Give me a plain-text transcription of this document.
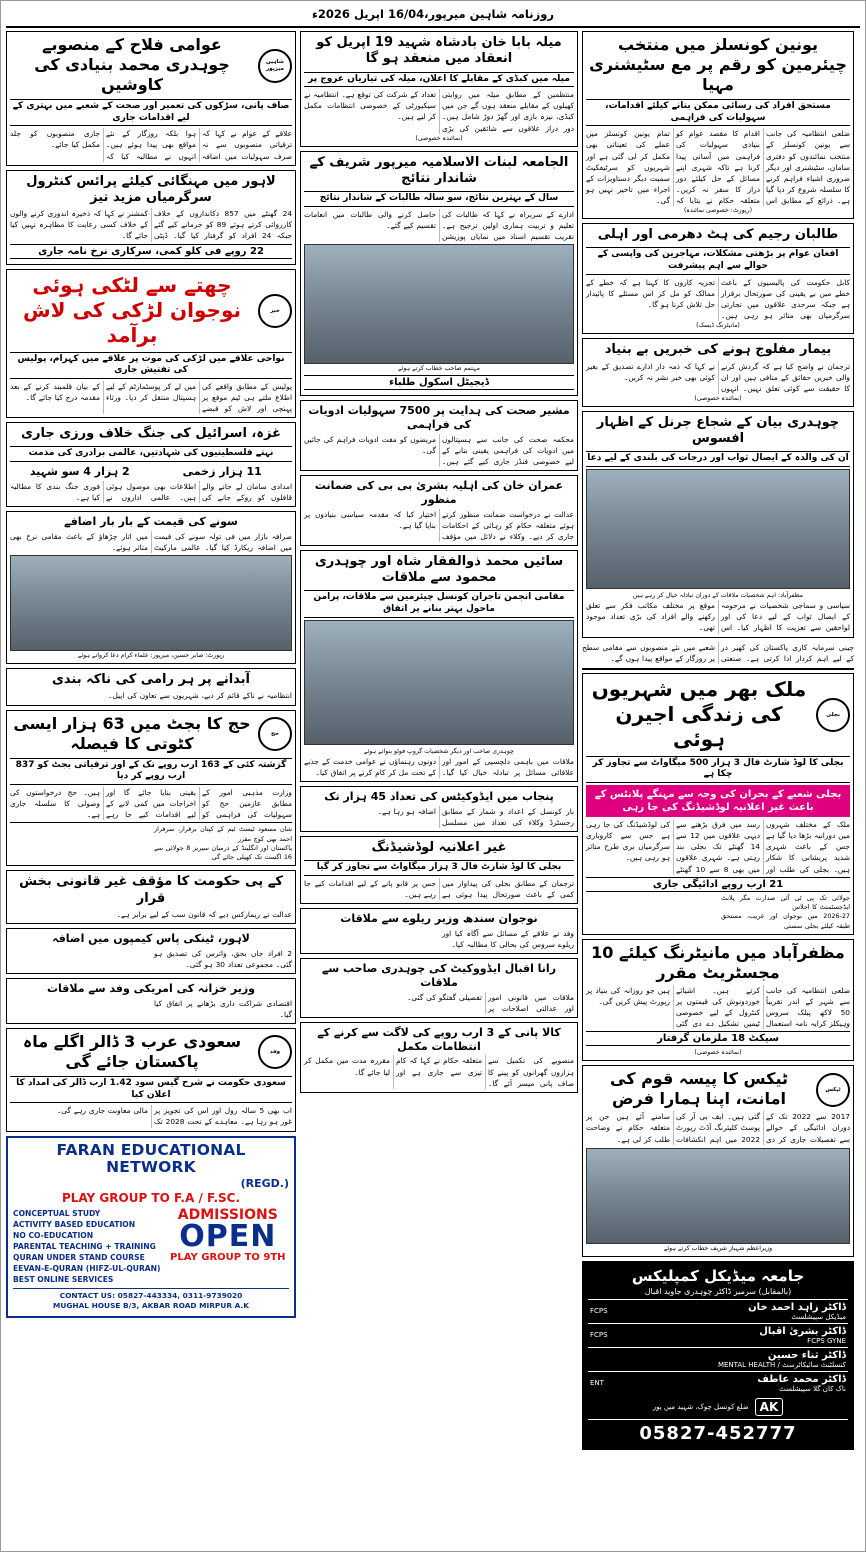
روزنامہ شاہین میرپور،16/04 اپریل 2026ء
شاہین میرپور
عوامی فلاح کے منصوبے چوہدری محمد بنیادی کی کاوشیں
صاف پانی، سڑکوں کی تعمیر اور صحت کے شعبے میں بہتری کے لیے اقدامات جاری
علاقے کے عوام نے کہا کہ ترقیاتی منصوبوں سے نہ صرف سہولیات میں اضافہ ہوا بلکہ روزگار کے نئے مواقع بھی پیدا ہوئے ہیں۔ انہوں نے مطالبہ کیا کہ جاری منصوبوں کو جلد مکمل کیا جائے۔
لاہور میں مہنگائی کیلئے پرائس کنٹرول سرگرمیاں مزید تیز
24 گھنٹے میں 857 دکانداروں کے خلاف کارروائی کرتے ہوئے 89 کو جرمانے کیے گئے جبکہ 24 افراد کو گرفتار کیا گیا۔ ڈپٹی کمشنر نے کہا کہ ذخیرہ اندوزی کرنے والوں کے خلاف کسی رعایت کا مظاہرہ نہیں کیا جائے گا۔
22 روپے فی کلو کمی، سرکاری نرخ نامہ جاری
خبر
چھتے سے لٹکی ہوئی نوجوان لڑکی کی لاش برآمد
نواحی علاقے میں لڑکی کی موت پر علاقے میں کہرام، پولیس کی تفتیش جاری
پولیس کے مطابق واقعے کی اطلاع ملتے ہی ٹیم موقع پر پہنچی اور لاش کو قبضے میں لے کر پوسٹمارٹم کے لیے ہسپتال منتقل کر دیا۔ ورثاء کے بیان قلمبند کرنے کے بعد مقدمہ درج کیا جائے گا۔
غزہ، اسرائیل کی جنگ خلاف ورزی جاری
نہتے فلسطینیوں کی شہادتیں، عالمی برادری کی مذمت
2 ہزار 4 سو شہید	11 ہزار زخمی
امدادی سامان لے جانے والے قافلوں کو روکے جانے کی اطلاعات بھی موصول ہوئی ہیں۔ عالمی اداروں نے فوری جنگ بندی کا مطالبہ کیا ہے۔
سونے کی قیمت کے بار بار اضافے
صرافہ بازار میں فی تولہ سونے کی قیمت میں اضافہ ریکارڈ کیا گیا۔ عالمی مارکیٹ میں اتار چڑھاؤ کے باعث مقامی نرخ بھی متاثر ہوئے۔
رپورٹ: صابر حسین، میرپور: علماء کرام دعا کرواتے ہوئے
آبدانے پر ہر رامی کی ناکہ بندی
انتظامیہ نے ناکے قائم کر دیے، شہریوں سے تعاون کی اپیل۔
حج
حج کا بجٹ میں 63 ہزار ایسی کٹوتی کا فیصلہ
گزشتہ کئی کے 163 ارب روپے تک کے اور ترقیاتی بجٹ کو 837 ارب روپے کر دیا
وزارت مذہبی امور کے مطابق عازمین حج کو سہولیات کی فراہمی کو یقینی بنایا جائے گا اور اخراجات میں کمی لانے کے لیے اقدامات کیے جا رہے ہیں۔ حج درخواستوں کی وصولی کا سلسلہ جاری ہے۔
شان مسعود ٹیسٹ ٹیم کے کپتان برقرار، سرفراز احمد بھی کوچ مقرر
پاکستان اور انگلینڈ کے درمیان سیریز 8 جولائی سے 16 اگست تک کھیلی جائے گی
کے پی حکومت کا مؤقف غیر قانونی بخش قرار
عدالت نے ریمارکس دیے کہ قانون سب کے لیے برابر ہے۔
لاہور، ٹینکی پاس کیمپوں میں اضافہ
2 افراد جاں بحق، وائرس کی تصدیق ہو گئی۔ مجموعی تعداد 30 ہو گئی۔
وزیر خزانہ کی امریکی وفد سے ملاقات
اقتصادی شراکت داری بڑھانے پر اتفاق کیا گیا۔
وفد
سعودی عرب 3 ڈالر اگلے ماہ پاکستان جائے گی
سعودی حکومت نے شرح گیس سود 1.42 ارب ڈالر کی امداد کا اعلان کیا
اب بھی 5 سالہ رول اور اس کی تجویز پر غور ہو رہا ہے۔ معاہدے کے تحت 2028 تک مالی معاونت جاری رہے گی۔
FARAN EDUCATIONAL NETWORK
(REGD.)
PLAY GROUP TO F.A / F.SC.
CONCEPTUAL STUDY
ACTIVITY BASED EDUCATION
NO CO-EDUCATION
PARENTAL TEACHING + TRAINING
QURAN UNDER STAND COURSE
EEVAN-E-QURAN (HIFZ-UL-QURAN)
BEST ONLINE SERVICES
ADMISSIONS
OPEN
PLAY GROUP TO 9TH
CONTACT US: 05827-443334, 0311-9739020
MUGHAL HOUSE B/3, AKBAR ROAD MIRPUR A.K
میلہ بابا خان بادشاہ شہید 19 اپریل کو انعقاد میں منعقد ہو گا
میلہ میں کبڈی کے مقابلے کا اعلان، میلہ کی تیاریاں عروج پر
منتظمین کے مطابق میلہ میں روایتی کھیلوں کے مقابلے منعقد ہوں گے جن میں کبڈی، نیزہ بازی اور گھڑ دوڑ شامل ہیں۔ دور دراز علاقوں سے شائقین کی بڑی تعداد کے شرکت کی توقع ہے۔ انتظامیہ نے سیکیورٹی کے خصوصی انتظامات مکمل کر لیے ہیں۔
(نمائندہ خصوصی)
الجامعہ لبنات الاسلامیہ میرپور شریف کے شاندار نتائج
سال کے بہترین نتائج، سو سالہ طالبات کے شاندار نتائج
ادارے کے سربراہ نے کہا کہ طالبات کی تعلیم و تربیت ہماری اولین ترجیح ہے۔ تقریب تقسیم اسناد میں نمایاں پوزیشن حاصل کرنے والی طالبات میں انعامات تقسیم کیے گئے۔
مہتمم صاحب خطاب کرتے ہوئے
ڈیجیٹل اسکول طلباء
مشیر صحت کی ہدایت پر 7500 سہولیات ادویات کی فراہمی
محکمہ صحت کی جانب سے ہسپتالوں میں ادویات کی فراہمی یقینی بنانے کے لیے خصوصی فنڈز جاری کیے گئے ہیں۔ مریضوں کو مفت ادویات فراہم کی جائیں گی۔
عمران خان کی اہلیہ بشریٰ بی بی کی ضمانت منظور
عدالت نے درخواست ضمانت منظور کرتے ہوئے متعلقہ حکام کو رہائی کے احکامات جاری کر دیے۔ وکلاء نے دلائل میں مؤقف اختیار کیا کہ مقدمہ سیاسی بنیادوں پر بنایا گیا ہے۔
سائیں محمد ذوالفقار شاہ اور چوہدری محمود سے ملاقات
مقامی انجمن تاجران کونسل چیئرمین سے ملاقات، پرامن ماحول بہتر بنانے پر اتفاق
چوہدری صاحب اور دیگر شخصیات گروپ فوٹو بنواتے ہوئے
ملاقات میں باہمی دلچسپی کے امور اور علاقائی مسائل پر تبادلہ خیال کیا گیا۔ دونوں رہنماؤں نے عوامی خدمت کے جذبے کے تحت مل کر کام کرنے پر اتفاق کیا۔
پنجاب میں ایڈوکیٹس کی تعداد 45 ہزار تک
بار کونسل کے اعداد و شمار کے مطابق رجسٹرڈ وکلاء کی تعداد میں مسلسل اضافہ ہو رہا ہے۔
غیر اعلانیہ لوڈشیڈنگ
بجلی کا لوڈ شارٹ فال 3 ہزار میگاواٹ سے تجاوز کر گیا
ترجمان کے مطابق بجلی کی پیداوار میں کمی کے باعث صورتحال پیدا ہوئی ہے جس پر قابو پانے کے لیے اقدامات کیے جا رہے ہیں۔
نوجوان سندھ وزیر ریلوے سے ملاقات
وفد نے علاقے کے مسائل سے آگاہ کیا اور ریلوے سروس کی بحالی کا مطالبہ کیا۔
رانا اقبال ایڈووکیٹ کی چوہدری صاحب سے ملاقات
ملاقات میں قانونی امور اور عدالتی اصلاحات پر تفصیلی گفتگو کی گئی۔
کالا پانی کے 3 ارب روپے کی لاگت سے کرنے کے انتظامات مکمل
منصوبے کی تکمیل سے ہزاروں گھرانوں کو پینے کا صاف پانی میسر آئے گا۔ متعلقہ حکام نے کہا کہ کام تیزی سے جاری ہے اور مقررہ مدت میں مکمل کر لیا جائے گا۔
یونین کونسلز میں منتخب چیئرمین کو رقم پر مع سٹیشنری مہیا
مستحق افراد کی رسائی ممکن بنانے کیلئے اقدامات، سہولیات کی فراہمی
ضلعی انتظامیہ کی جانب سے یونین کونسلز کے منتخب نمائندوں کو دفتری سامان، سٹیشنری اور دیگر ضروری اشیاء فراہم کرنے کا سلسلہ شروع کر دیا گیا ہے۔ ذرائع کے مطابق اس اقدام کا مقصد عوام کو بنیادی سہولیات کی فراہمی میں آسانی پیدا کرنا ہے تاکہ شہری اپنے مسائل کے حل کیلئے دور دراز کا سفر نہ کریں۔ متعلقہ حکام نے بتایا کہ تمام یونین کونسلز میں عملے کی تعیناتی بھی مکمل کر لی گئی ہے اور شہریوں کو سرٹیفکیٹ سمیت دیگر دستاویزات کے اجراء میں تاخیر نہیں ہو گی۔
(رپورٹ: خصوصی نمائندہ)
طالبان رجیم کی ہٹ دھرمی اور اہلی
افغان عوام پر بڑھتی مشکلات، مہاجرین کی واپسی کے حوالے سے اہم پیشرفت
کابل حکومت کی پالیسیوں کے باعث خطے میں بے یقینی کی صورتحال برقرار ہے جبکہ سرحدی علاقوں میں تجارتی سرگرمیاں بھی متاثر ہو رہی ہیں۔ تجزیہ کاروں کا کہنا ہے کہ خطے کے ممالک کو مل کر اس مسئلے کا پائیدار حل تلاش کرنا ہو گا۔
(مانیٹرنگ ڈیسک)
بیمار مفلوج ہونے کی خبریں بے بنیاد
ترجمان نے واضح کیا ہے کہ گردش کرنے والی خبریں حقائق کے منافی ہیں اور ان کا حقیقت سے کوئی تعلق نہیں۔ انہوں نے کہا کہ ذمہ دار ادارے تصدیق کے بغیر کوئی بھی خبر نشر نہ کریں۔
(نمائندہ خصوصی)
چوہدری بیان کے شجاع جرنل کے اظہار افسوس
ان کی والدہ کے ایصال ثواب اور درجات کی بلندی کے لیے دعا
مظفرآباد: اہم شخصیات ملاقات کے دوران تبادلہ خیال کر رہے ہیں
سیاسی و سماجی شخصیات نے مرحومہ کے ایصال ثواب کے لیے دعا کی اور لواحقین سے تعزیت کا اظہار کیا۔ اس موقع پر مختلف مکاتب فکر سے تعلق رکھنے والے افراد کی بڑی تعداد موجود تھی۔
چینی سرمایہ کاری پاکستان کی کھیر در کے لیے اہم کردار ادا کرتی ہے۔ صنعتی شعبے میں نئے منصوبوں سے مقامی سطح پر روزگار کے مواقع پیدا ہوں گے۔
بجلی
ملک بھر میں شہریوں کی زندگی اجیرن ہوئی
بجلی کا لوڈ شارٹ فال 3 ہزار 500 میگاواٹ سے تجاوز کر چکا ہے
بجلی شعبے کے بحران کی وجہ سے مہنگے پلانٹس کے باعث غیر اعلانیہ لوڈشیڈنگ کی جا رہی
ملک کے مختلف شہروں میں دورانیہ بڑھا دیا گیا ہے جس کے باعث شہری شدید پریشانی کا شکار ہیں۔ بجلی کی طلب اور رسد میں فرق بڑھنے سے دیہی علاقوں میں 12 سے 14 گھنٹے تک بجلی بند رہتی ہے۔ شہری علاقوں میں بھی 8 سے 10 گھنٹے کی لوڈشیڈنگ کی جا رہی ہے جس سے کاروباری سرگرمیاں بری طرح متاثر ہو رہی ہیں۔
21 ارب روپے ادائیگی جاری
جولائی تک پی ٹی آئی صدارت مگر پلانٹ ایڈجسٹمنٹ کا اجلاس
2026-27 میں نوجوان اور غریب، مستحق طبقہ کیلئے بجلی سستی
مظفرآباد میں مانیٹرنگ کیلئے 10 مجسٹریٹ مقرر
ضلعی انتظامیہ کی جانب سے شہر کے اندر تقریباً 50 لاکھ پبلک سروس وہیکلز کرایہ نامہ استعمال کرتے ہیں۔ اشیائے خوردونوش کی قیمتوں پر کنٹرول کے لیے خصوصی ٹیمیں تشکیل دے دی گئی ہیں جو روزانہ کی بنیاد پر رپورٹ پیش کریں گی۔
سیکٹ 18 ملزمان گرفتار
(نمائندہ خصوصی)
ٹیکس
ٹیکس کا پیسہ قوم کی امانت، اپنا ہمارا فرض
2017 سے 2022 تک کے دوران ادائیگی کے حوالے سے تفصیلات جاری کر دی گئی ہیں۔ ایف بی آر کی پوسٹ کلیئرنگ آڈٹ رپورٹ 2022 میں اہم انکشافات سامنے آئے ہیں جن پر متعلقہ حکام نے وضاحت طلب کر لی ہے۔
وزیراعظم شہباز شریف خطاب کرتے ہوئے
جامعہ میڈیکل کمپلیکس
(بالمقابل) سرمیر ڈاکٹر چوہدری جاوید اقبال
ڈاکٹر زاہد احمد خان
میڈیکل سپیشلسٹ
FCPS
ڈاکٹر بشریٰ اقبال
FCPS GYNE
FCPS
ڈاکٹر ثناء حسین
کنسلٹنٹ سائیکاٹرسٹ / MENTAL HEALTH
ڈاکٹر محمد عاطف
ناک کان گلا سپیشلسٹ
ENT
AK
ضلع کونسل چوک، شہید مین پور
05827-452777
